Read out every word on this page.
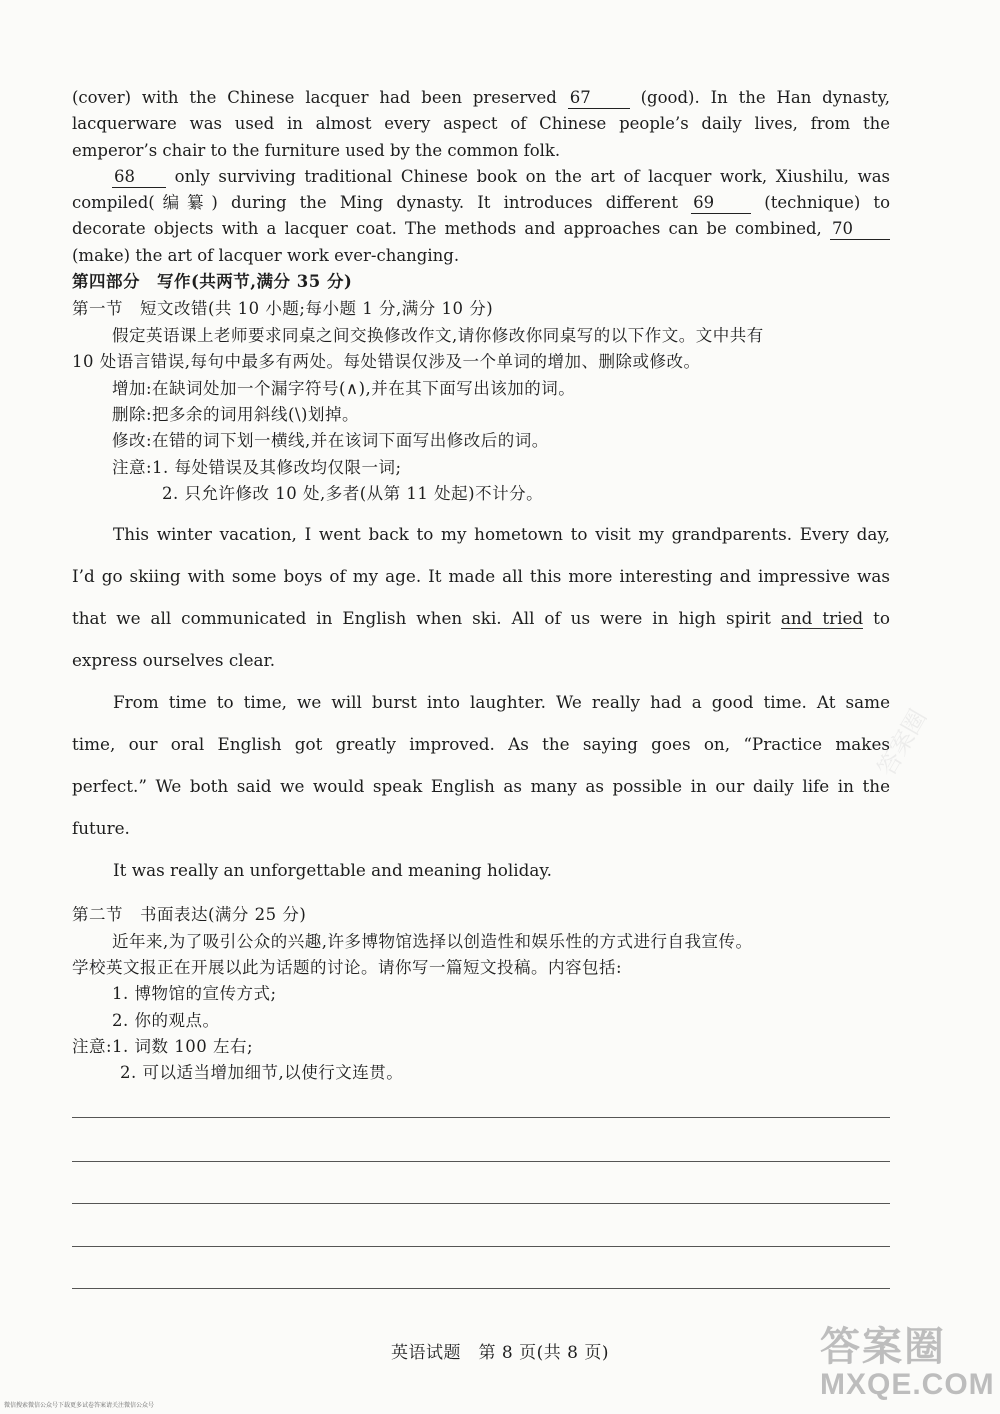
(cover) with the Chinese lacquer had been preserved 67	(good). In the Han dynasty,
lacquerware was used in almost every aspect of Chinese people’s daily lives, from the
emperor’s chair to the furniture used by the common folk.
68 only surviving traditional Chinese book on the art of lacquer work, Xiushilu, was
compiled(编纂) during the Ming dynasty. It introduces different 69	(technique) to
decorate objects with a lacquer coat. The methods and approaches can be combined, 70
(make) the art of lacquer work ever-changing.
第四部分　写作(共两节,满分 35 分)
第一节　短文改错(共 10 小题;每小题 1 分,满分 10 分)
假定英语课上老师要求同桌之间交换修改作文,请你修改你同桌写的以下作文。文中共有
10 处语言错误,每句中最多有两处。每处错误仅涉及一个单词的增加、删除或修改。
增加:在缺词处加一个漏字符号(∧),并在其下面写出该加的词。
删除:把多余的词用斜线(\)划掉。
修改:在错的词下划一横线,并在该词下面写出修改后的词。
注意:1. 每处错误及其修改均仅限一词;
2. 只允许修改 10 处,多者(从第 11 处起)不计分。
This winter vacation, I went back to my hometown to visit my grandparents. Every day,
I’d go skiing with some boys of my age. It made all this more interesting and impressive was
that we all communicated in English when ski. All of us were in high spirit and tried to
express ourselves clear.
From time to time, we will burst into laughter. We really had a good time. At same
time, our oral English got greatly improved. As the saying goes on, “Practice makes
perfect.” We both said we would speak English as many as possible in our daily life in the
future.
It was really an unforgettable and meaning holiday.
第二节　书面表达(满分 25 分)
近年来,为了吸引公众的兴趣,许多博物馆选择以创造性和娱乐性的方式进行自我宣传。
学校英文报正在开展以此为话题的讨论。请你写一篇短文投稿。内容包括:
1. 博物馆的宣传方式;
2. 你的观点。
注意:1. 词数 100 左右;
2. 可以适当增加细节,以使行文连贯。
英语试题　第 8 页(共 8 页)
答案圈
答案圈
MXQE.COM
微信搜索微信公众号下载更多试卷答案请关注微信公众号
